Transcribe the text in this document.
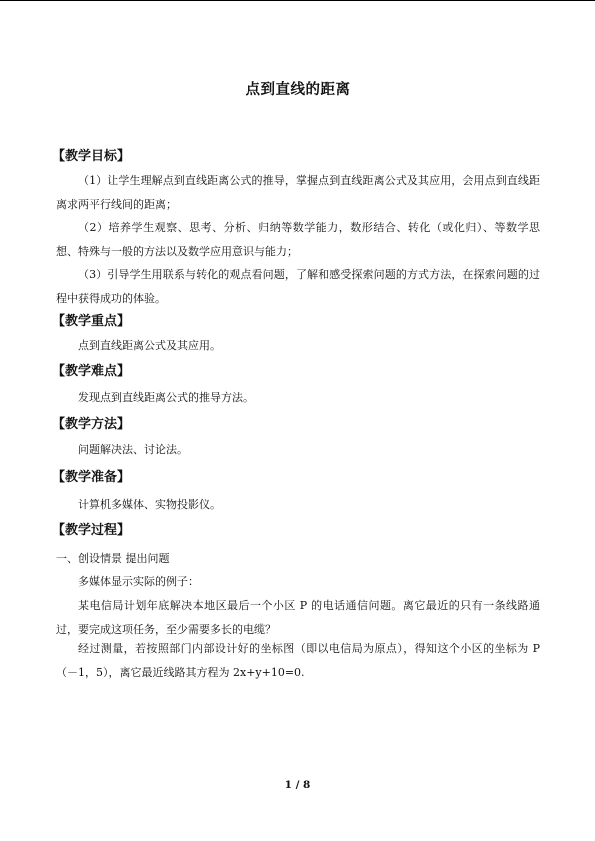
点到直线的距离
【教学目标】
（1）让学生理解点到直线距离公式的推导，掌握点到直线距离公式及其应用，会用点到直线距离求两平行线间的距离；
（2）培养学生观察、思考、分析、归纳等数学能力，数形结合、转化（或化归）、等数学思想、特殊与一般的方法以及数学应用意识与能力；
（3）引导学生用联系与转化的观点看问题，了解和感受探索问题的方式方法，在探索问题的过程中获得成功的体验。
【教学重点】
点到直线距离公式及其应用。
【教学难点】
发现点到直线距离公式的推导方法。
【教学方法】
问题解决法、讨论法。
【教学准备】
计算机多媒体、实物投影仪。
【教学过程】
一、创设情景 提出问题
多媒体显示实际的例子：
某电信局计划年底解决本地区最后一个小区 P 的电话通信问题。离它最近的只有一条线路通过，要完成这项任务，至少需要多长的电缆？
经过测量，若按照部门内部设计好的坐标图（即以电信局为原点），得知这个小区的坐标为 P（－1，5），离它最近线路其方程为 2x+y+10=0.
1 / 8
